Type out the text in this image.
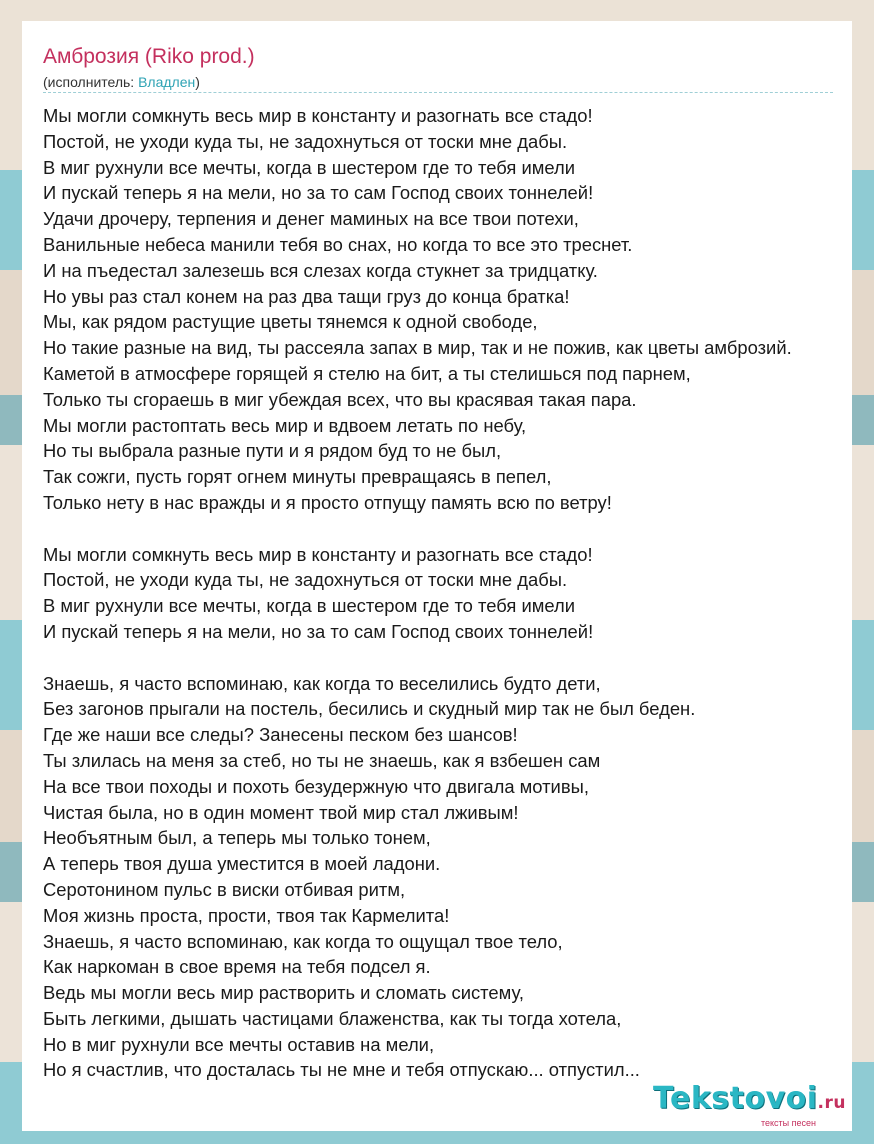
Амброзия (Riko prod.)
(исполнитель: Владлен)
Мы могли сомкнуть весь мир в константу и разогнать все стадо!
Постой, не уходи куда ты, не задохнуться от тоски мне дабы.
В миг рухнули все мечты, когда в шестером где то тебя имели
И пускай теперь я на мели, но за то сам Господ своих тоннелей!
Удачи дрочеру, терпения и денег маминых на все твои потехи,
Ванильные небеса манили тебя во снах, но когда то все это треснет.
И на пъедестал залезешь вся слезах когда стукнет за тридцатку.
Но увы раз стал конем на раз два тащи груз до конца братка!
Мы, как рядом растущие цветы тянемся к одной свободе,
Но такие разные на вид, ты рассеяла запах в мир, так и не пожив, как цветы амброзий.
Каметой в атмосфере горящей я стелю на бит, а ты стелишься под парнем,
Только ты сгораешь в миг убеждая всех, что вы красявая такая пара.
Мы могли растоптать весь мир и вдвоем летать по небу,
Но ты выбрала разные пути и я рядом буд то не был,
Так сожги, пусть горят огнем минуты превращаясь в пепел,
Только нету в нас вражды и я просто отпущу память всю по ветру!
Мы могли сомкнуть весь мир в константу и разогнать все стадо!
Постой, не уходи куда ты, не задохнуться от тоски мне дабы.
В миг рухнули все мечты, когда в шестером где то тебя имели
И пускай теперь я на мели, но за то сам Господ своих тоннелей!
Знаешь, я часто вспоминаю, как когда то веселились будто дети,
Без загонов прыгали на постель, бесились и скудный мир так не был беден.
Где же наши все следы? Занесены песком без шансов!
Ты злилась на меня за стеб, но ты не знаешь, как я взбешен сам
На все твои походы и похоть безудержную что двигала мотивы,
Чистая была, но в один момент твой мир стал лживым!
Необъятным был, а теперь мы только тонем,
А теперь твоя душа уместится в моей ладони.
Серотонином пульс в виски отбивая ритм,
Моя жизнь проста, прости, твоя так Кармелита!
Знаешь, я часто вспоминаю, как когда то ощущал твое тело,
Как наркоман в свое время на тебя подсел я.
Ведь мы могли весь мир растворить и сломать систему,
Быть легкими, дышать частицами блаженства, как ты тогда хотела,
Но в миг рухнули все мечты оставив на мели,
Но я счастлив, что досталась ты не мне и тебя отпускаю... отпустил...
Tekstovoi.ru
тексты песен
